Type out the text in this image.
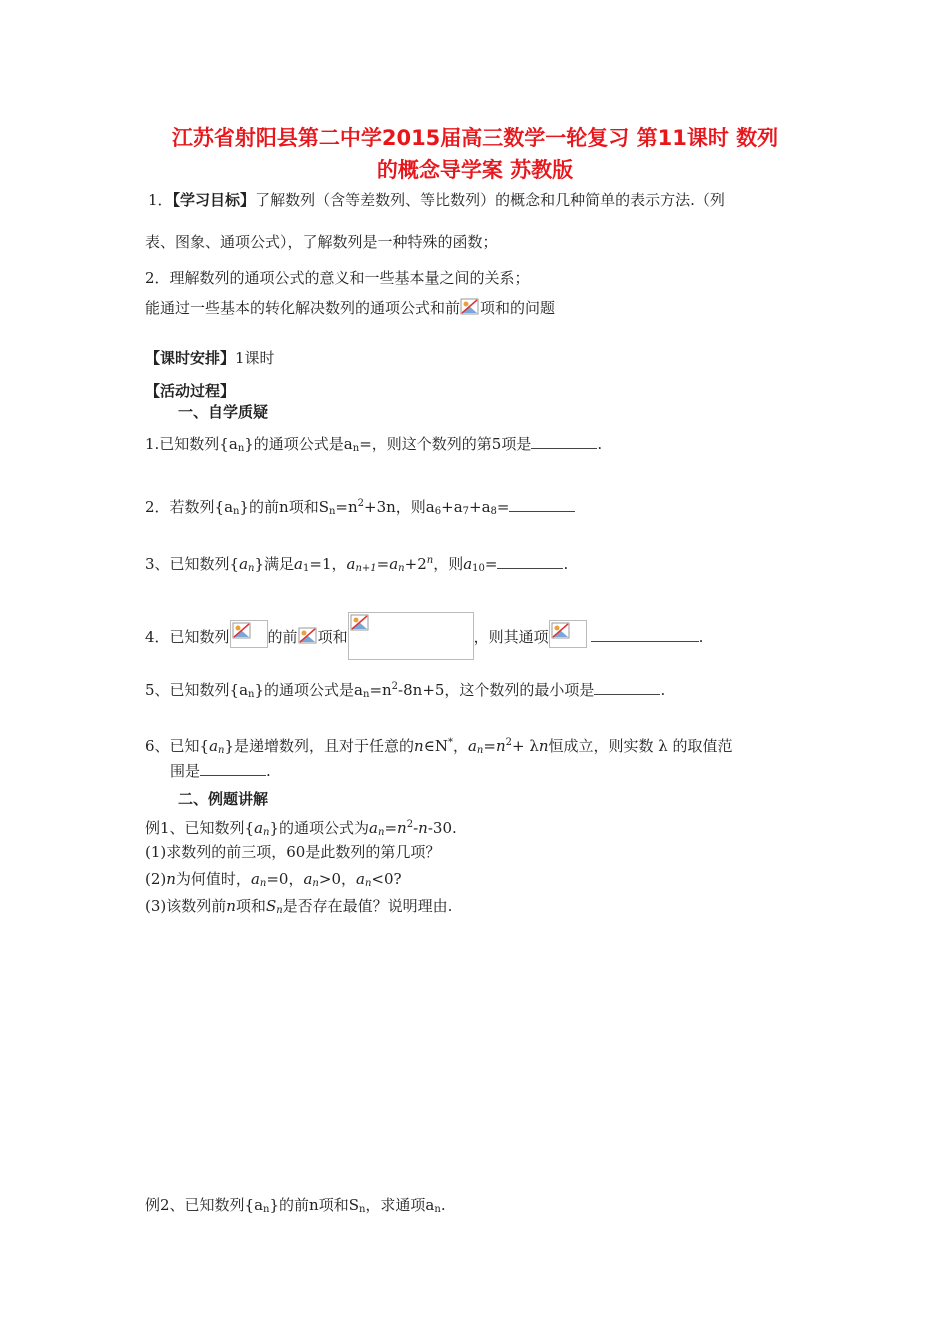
江苏省射阳县第二中学2015届高三数学一轮复习 第11课时 数列
的概念导学案 苏教版
1．【学习目标】了解数列（含等差数列、等比数列）的概念和几种简单的表示方法.（列
表、图象、通项公式），了解数列是一种特殊的函数；
2．理解数列的通项公式的意义和一些基本量之间的关系；
能通过一些基本的转化解决数列的通项公式和前 项和的问题
【课时安排】1课时
【活动过程】
一、自学质疑
1.已知数列$\{a_n\}$的通项公式是$a_n=$，则这个数列的第5项是	.
2．若数列$\{a_n\}$的前n项和$S_n=n^2+3n$，则$a_6+a_7+a_8=$
3、已知数列$\{a_n\}$满足$a_1=1$，$a_{n+1}=a_n+2^n$，则$a_{10}=$	.
4．已知数列	的前 项和	，则其通项	.
5、已知数列$\{a_n\}$的通项公式是$a_n=n^2-8n+5$，这个数列的最小项是	.
6、已知$\{a_n\}$是递增数列，且对于任意的n∈N*，$a_n=n^2+ \lambda n$恒成立，则实数 λ 的取值范
围是	.
二、例题讲解
例1、已知数列$\{a_n\}$的通项公式为$a_n=n^2-n-30$.
(1)求数列的前三项，60是此数列的第几项？
(2)n为何值时，$a_n=0$，$a_n>0$，$a_n<0$?
(3)该数列前n项和$S_n$是否存在最值？说明理由.
例2、已知数列$\{a_n\}$的前n项和$S_n$，求通项$a_n$.
